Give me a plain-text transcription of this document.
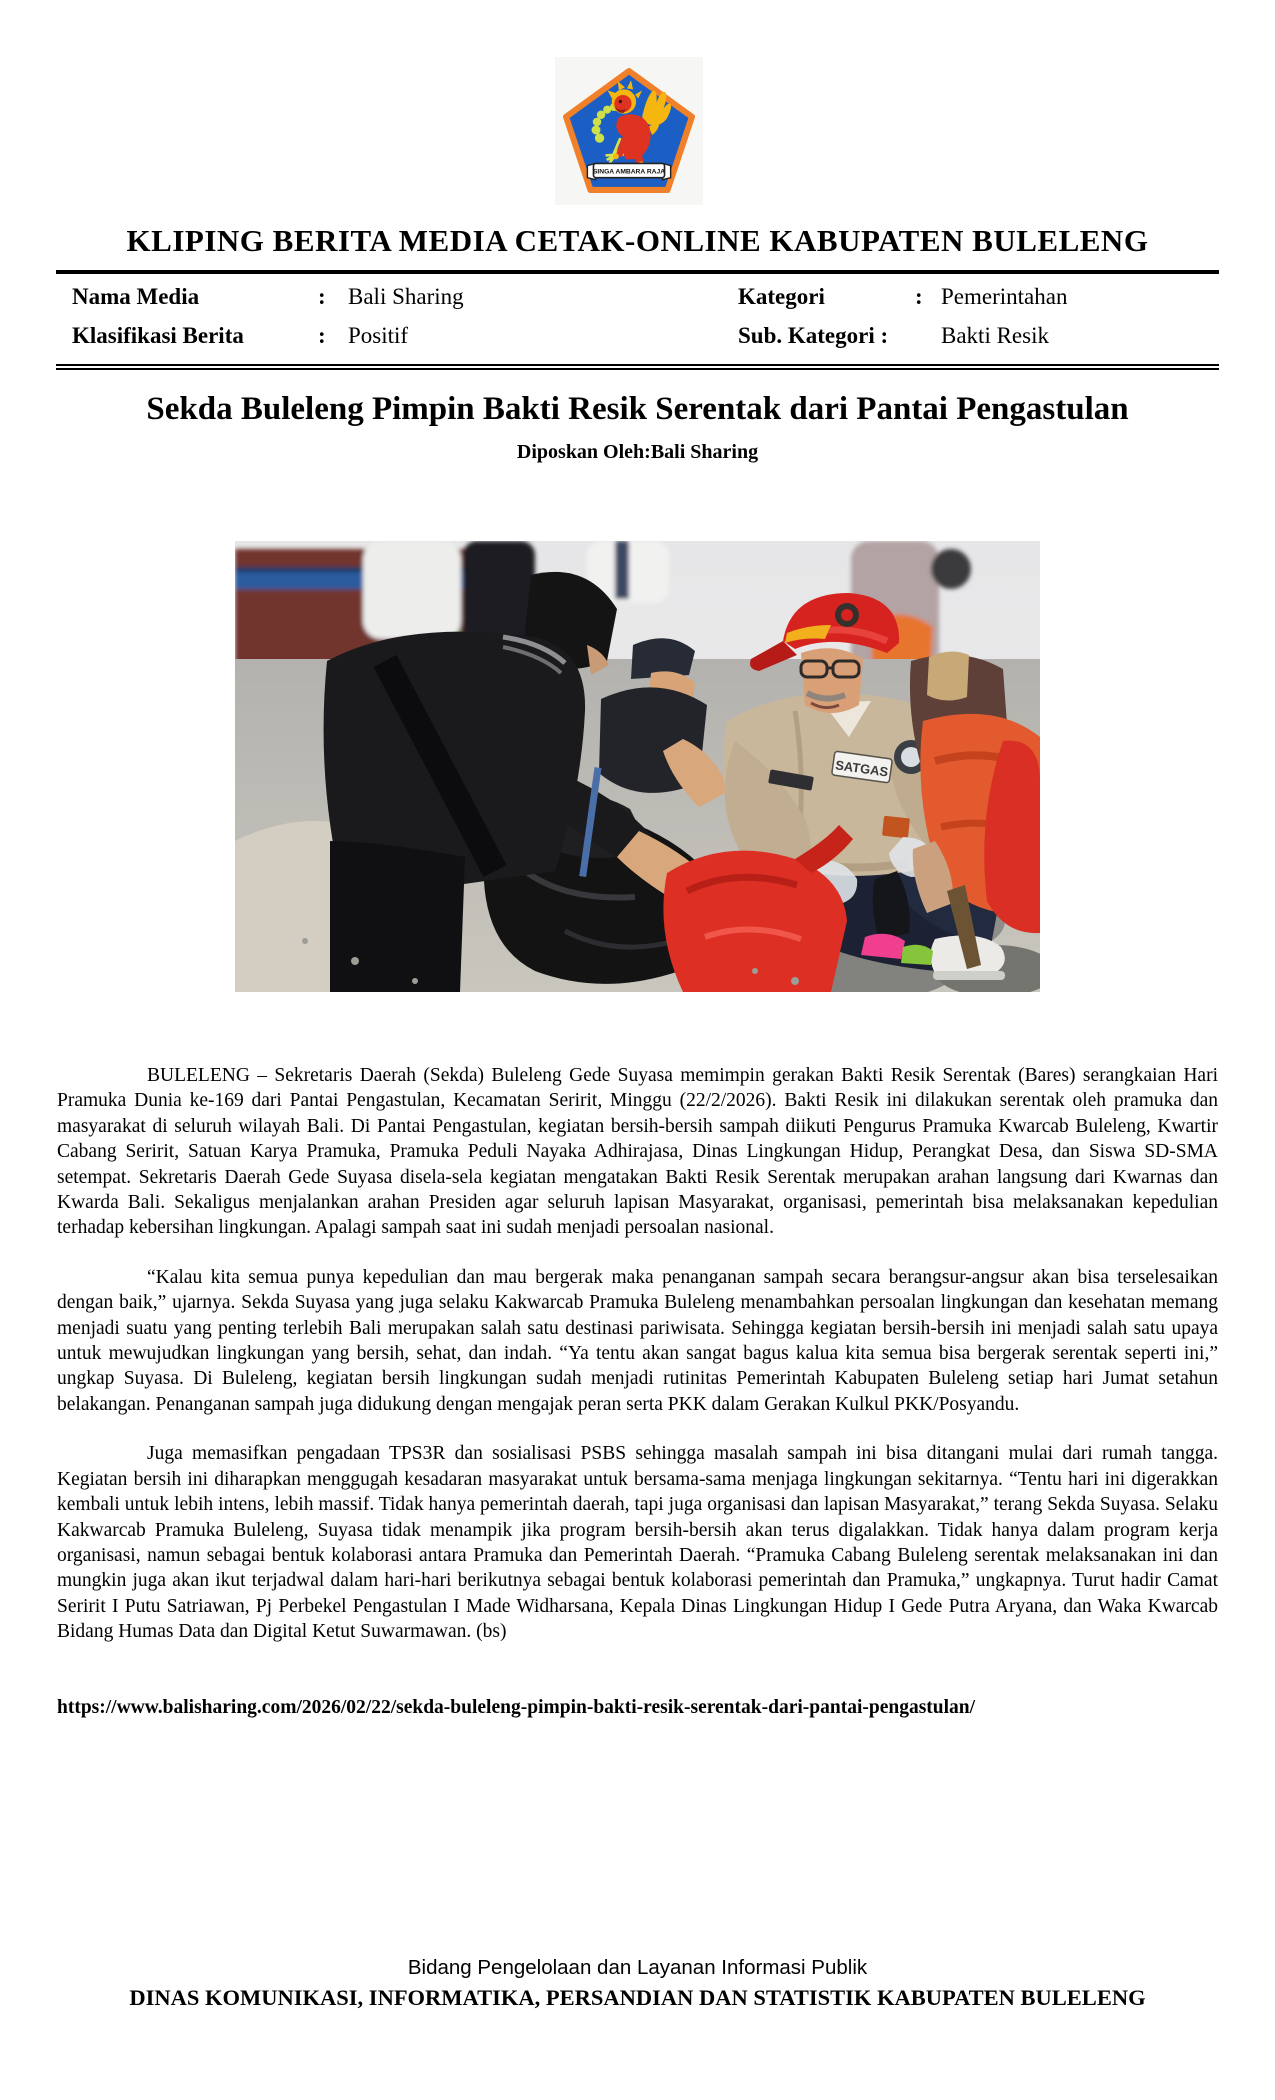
SINGA AMBARA RAJA
KLIPING BERITA MEDIA CETAK-ONLINE KABUPATEN BULELENG
Nama Media	: Bali Sharing	Kategori	: Pemerintahan
Klasifikasi Berita	: Positif	Sub. Kategori :	Bakti Resik
Sekda Buleleng Pimpin Bakti Resik Serentak dari Pantai Pengastulan
Diposkan Oleh:Bali Sharing
SATGAS

BULELENG – Sekretaris Daerah (Sekda) Buleleng Gede Suyasa memimpin gerakan Bakti Resik Serentak (Bares) serangkaian Hari Pramuka Dunia ke-169 dari Pantai Pengastulan, Kecamatan Seririt, Minggu (22/2/2026). Bakti Resik ini dilakukan serentak oleh pramuka dan masyarakat di seluruh wilayah Bali. Di Pantai Pengastulan, kegiatan bersih-bersih sampah diikuti Pengurus Pramuka Kwarcab Buleleng, Kwartir Cabang Seririt, Satuan Karya Pramuka, Pramuka Peduli Nayaka Adhirajasa, Dinas Lingkungan Hidup, Perangkat Desa, dan Siswa SD-SMA setempat. Sekretaris Daerah Gede Suyasa disela-sela kegiatan mengatakan Bakti Resik Serentak merupakan arahan langsung dari Kwarnas dan Kwarda Bali. Sekaligus menjalankan arahan Presiden agar seluruh lapisan Masyarakat, organisasi, pemerintah bisa melaksanakan kepedulian terhadap kebersihan lingkungan. Apalagi sampah saat ini sudah menjadi persoalan nasional.

“Kalau kita semua punya kepedulian dan mau bergerak maka penanganan sampah secara berangsur-angsur akan bisa terselesaikan dengan baik,” ujarnya. Sekda Suyasa yang juga selaku Kakwarcab Pramuka Buleleng menambahkan persoalan lingkungan dan kesehatan memang menjadi suatu yang penting terlebih Bali merupakan salah satu destinasi pariwisata. Sehingga kegiatan bersih-bersih ini menjadi salah satu upaya untuk mewujudkan lingkungan yang bersih, sehat, dan indah. “Ya tentu akan sangat bagus kalua kita semua bisa bergerak serentak seperti ini,” ungkap Suyasa. Di Buleleng, kegiatan bersih lingkungan sudah menjadi rutinitas Pemerintah Kabupaten Buleleng setiap hari Jumat setahun belakangan. Penanganan sampah juga didukung dengan mengajak peran serta PKK dalam Gerakan Kulkul PKK/Posyandu.

Juga memasifkan pengadaan TPS3R dan sosialisasi PSBS sehingga masalah sampah ini bisa ditangani mulai dari rumah tangga. Kegiatan bersih ini diharapkan menggugah kesadaran masyarakat untuk bersama-sama menjaga lingkungan sekitarnya. “Tentu hari ini digerakkan kembali untuk lebih intens, lebih massif. Tidak hanya pemerintah daerah, tapi juga organisasi dan lapisan Masyarakat,” terang Sekda Suyasa. Selaku Kakwarcab Pramuka Buleleng, Suyasa tidak menampik jika program bersih-bersih akan terus digalakkan. Tidak hanya dalam program kerja organisasi, namun sebagai bentuk kolaborasi antara Pramuka dan Pemerintah Daerah. “Pramuka Cabang Buleleng serentak melaksanakan ini dan mungkin juga akan ikut terjadwal dalam hari-hari berikutnya sebagai bentuk kolaborasi pemerintah dan Pramuka,” ungkapnya. Turut hadir Camat Seririt I Putu Satriawan, Pj Perbekel Pengastulan I Made Widharsana, Kepala Dinas Lingkungan Hidup I Gede Putra Aryana, dan Waka Kwarcab Bidang Humas Data dan Digital Ketut Suwarmawan. (bs)

https://www.balisharing.com/2026/02/22/sekda-buleleng-pimpin-bakti-resik-serentak-dari-pantai-pengastulan/
Bidang Pengelolaan dan Layanan Informasi Publik
DINAS KOMUNIKASI, INFORMATIKA, PERSANDIAN DAN STATISTIK KABUPATEN BULELENG
